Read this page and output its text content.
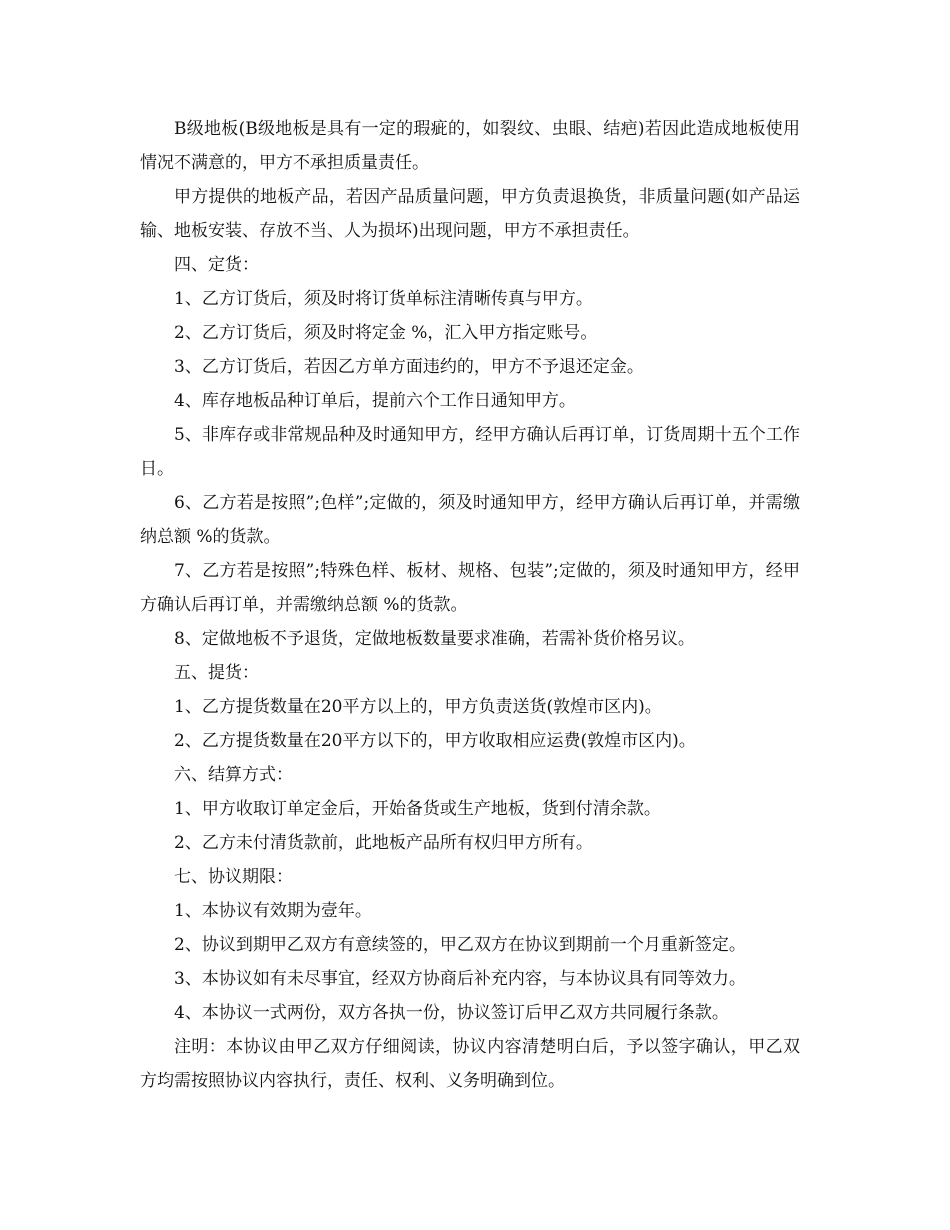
B级地板(B级地板是具有一定的瑕疵的，如裂纹、虫眼、结疤)若因此造成地板使用情况不满意的，甲方不承担质量责任。

甲方提供的地板产品，若因产品质量问题，甲方负责退换货，非质量问题(如产品运输、地板安装、存放不当、人为损坏)出现问题，甲方不承担责任。

四、定货：

1、乙方订货后，须及时将订货单标注清晰传真与甲方。

2、乙方订货后，须及时将定金 %，汇入甲方指定账号。

3、乙方订货后，若因乙方单方面违约的，甲方不予退还定金。

4、库存地板品种订单后，提前六个工作日通知甲方。

5、非库存或非常规品种及时通知甲方，经甲方确认后再订单，订货周期十五个工作日。

6、乙方若是按照”;色样”;定做的，须及时通知甲方，经甲方确认后再订单，并需缴纳总额 %的货款。

7、乙方若是按照”;特殊色样、板材、规格、包装”;定做的，须及时通知甲方，经甲方确认后再订单，并需缴纳总额 %的货款。

8、定做地板不予退货，定做地板数量要求准确，若需补货价格另议。

五、提货：

1、乙方提货数量在20平方以上的，甲方负责送货(敦煌市区内)。

2、乙方提货数量在20平方以下的，甲方收取相应运费(敦煌市区内)。

六、结算方式：

1、甲方收取订单定金后，开始备货或生产地板，货到付清余款。

2、乙方未付清货款前，此地板产品所有权归甲方所有。

七、协议期限：

1、本协议有效期为壹年。

2、协议到期甲乙双方有意续签的，甲乙双方在协议到期前一个月重新签定。

3、本协议如有未尽事宜，经双方协商后补充内容，与本协议具有同等效力。

4、本协议一式两份，双方各执一份，协议签订后甲乙双方共同履行条款。

注明：本协议由甲乙双方仔细阅读，协议内容清楚明白后，予以签字确认，甲乙双方均需按照协议内容执行，责任、权利、义务明确到位。
